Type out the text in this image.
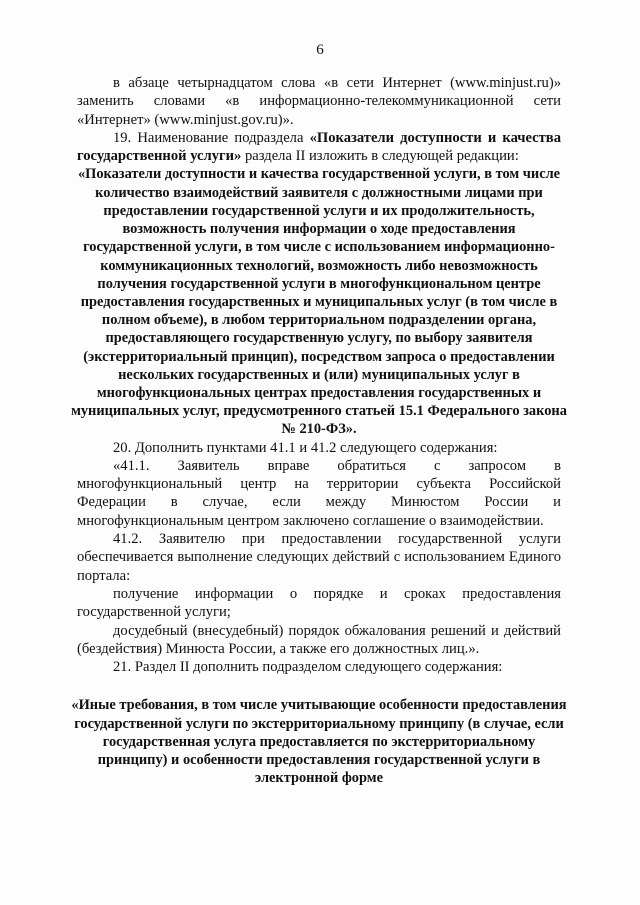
6

в абзаце четырнадцатом слова «в сети Интернет (www.minjust.ru)» заменить словами «в информационно-телекоммуникационной сети «Интернет» (www.minjust.gov.ru)».

19. Наименование подраздела «Показатели доступности и качества государственной услуги» раздела II изложить в следующей редакции:

«Показатели доступности и качества государственной услуги, в том числе количество взаимодействий заявителя с должностными лицами при предоставлении государственной услуги и их продолжительность, возможность получения информации о ходе предоставления государственной услуги, в том числе с использованием информационно-коммуникационных технологий, возможность либо невозможность получения государственной услуги в многофункциональном центре предоставления государственных и муниципальных услуг (в том числе в полном объеме), в любом территориальном подразделении органа, предоставляющего государственную услугу, по выбору заявителя (экстерриториальный принцип), посредством запроса о предоставлении нескольких государственных и (или) муниципальных услуг в многофункциональных центрах предоставления государственных и муниципальных услуг, предусмотренного статьей 15.1 Федерального закона № 210-ФЗ».

20. Дополнить пунктами 41.1 и 41.2 следующего содержания:

«41.1. Заявитель вправе обратиться с запросом в многофункциональный центр на территории субъекта Российской Федерации в случае, если между Минюстом России и многофункциональным центром заключено соглашение о взаимодействии.

41.2. Заявителю при предоставлении государственной услуги обеспечивается выполнение следующих действий с использованием Единого портала:

получение информации о порядке и сроках предоставления государственной услуги;

досудебный (внесудебный) порядок обжалования решений и действий (бездействия) Минюста России, а также его должностных лиц.».

21. Раздел II дополнить подразделом следующего содержания:

«Иные требования, в том числе учитывающие особенности предоставления государственной услуги по экстерриториальному принципу (в случае, если государственная услуга предоставляется по экстерриториальному принципу) и особенности предоставления государственной услуги в электронной форме
